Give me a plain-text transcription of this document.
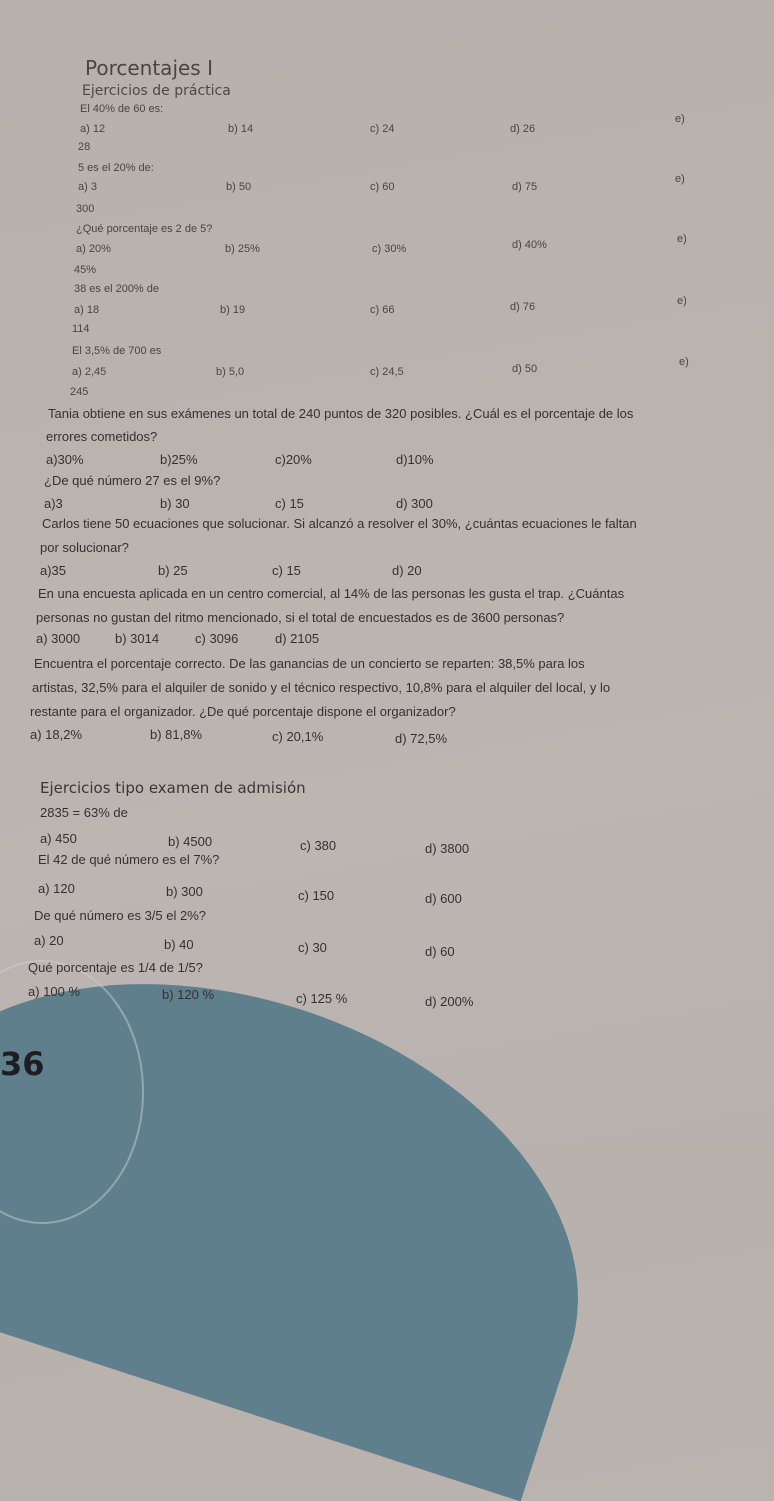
Porcentajes I
Ejercicios de práctica
Ejercicios tipo examen de admisión
36
El 40% de 60 es:
a) 12	b) 14	c) 24	d) 26
e)
28
5 es el 20% de:
a) 3	b) 50	c) 60	d) 75
e)
300
¿Qué porcentaje es 2 de 5?
a) 20%	b) 25%	c) 30%	d) 40%	e)
45%
38 es el 200% de
a) 18	b) 19	c) 66	d) 76	e)
114
El 3,5% de 700 es
a) 2,45	b) 5,0	c) 24,5	d) 50
e)
245
Tania obtiene en sus exámenes un total de 240 puntos de 320 posibles. ¿Cuál es el porcentaje de los
errores cometidos?
a)30%	b)25%	c)20%	d)10%
¿De qué número 27 es el 9%?
a)3	b) 30	c) 15	d) 300
Carlos tiene 50 ecuaciones que solucionar. Si alcanzó a resolver el 30%, ¿cuántas ecuaciones le faltan
por solucionar?
a)35	b) 25	c) 15	d) 20
En una encuesta aplicada en un centro comercial, al 14% de las personas les gusta el trap. ¿Cuántas
personas no gustan del ritmo mencionado, si el total de encuestados es de 3600 personas?
a) 3000	b) 3014	c) 3096	d) 2105
Encuentra el porcentaje correcto. De las ganancias de un concierto se reparten: 38,5% para los
artistas, 32,5% para el alquiler de sonido y el técnico respectivo, 10,8% para el alquiler del local, y lo
restante para el organizador. ¿De qué porcentaje dispone el organizador?
a) 18,2%	b) 81,8%	c) 20,1%	d) 72,5%
2835 = 63% de
a) 450	b) 4500	c) 380	d) 3800
El 42 de qué número es el 7%?
a) 120	b) 300	c) 150	d) 600
De qué número es 3/5 el 2%?
a) 20	b) 40	c) 30	d) 60
Qué porcentaje es 1/4 de 1/5?
a) 100 %	b) 120 %	c) 125 %	d) 200%
